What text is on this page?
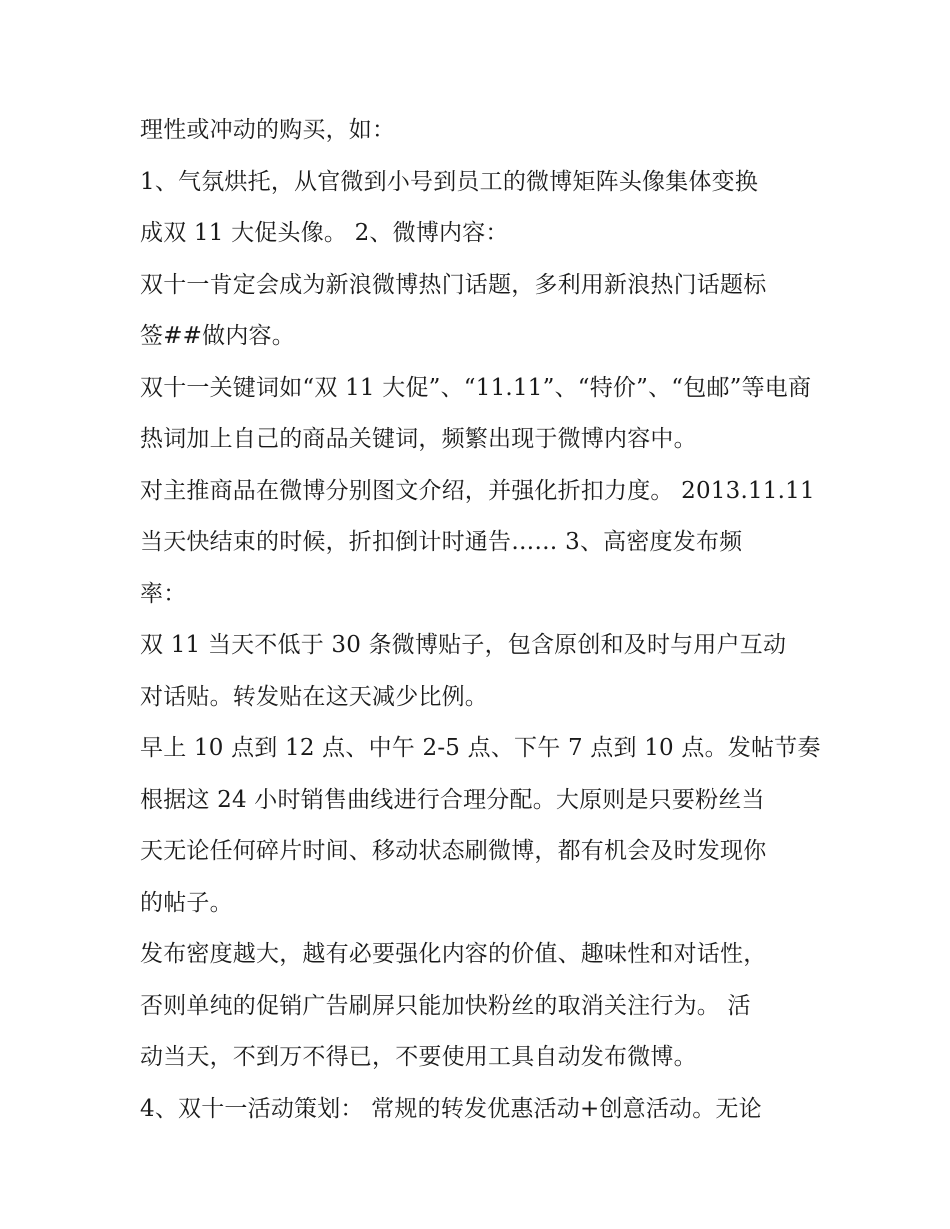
理性或冲动的购买，如：

1、气氛烘托，从官微到小号到员工的微博矩阵头像集体变换

成双 11 大促头像。 2、微博内容：

双十一肯定会成为新浪微博热门话题，多利用新浪热门话题标

签##做内容。

双十一关键词如“双 11 大促”、“11.11”、“特价”、“包邮”等电商

热词加上自己的商品关键词，频繁出现于微博内容中。

对主推商品在微博分别图文介绍，并强化折扣力度。 2013.11.11

当天快结束的时候，折扣倒计时通告…… 3、高密度发布频

率：

双 11 当天不低于 30 条微博贴子，包含原创和及时与用户互动

对话贴。转发贴在这天减少比例。

早上 10 点到 12 点、中午 2-5 点、下午 7 点到 10 点。发帖节奏

根据这 24 小时销售曲线进行合理分配。大原则是只要粉丝当

天无论任何碎片时间、移动状态刷微博，都有机会及时发现你

的帖子。

发布密度越大，越有必要强化内容的价值、趣味性和对话性，

否则单纯的促销广告刷屏只能加快粉丝的取消关注行为。 活

动当天，不到万不得已，不要使用工具自动发布微博。

4、双十一活动策划： 常规的转发优惠活动+创意活动。无论
